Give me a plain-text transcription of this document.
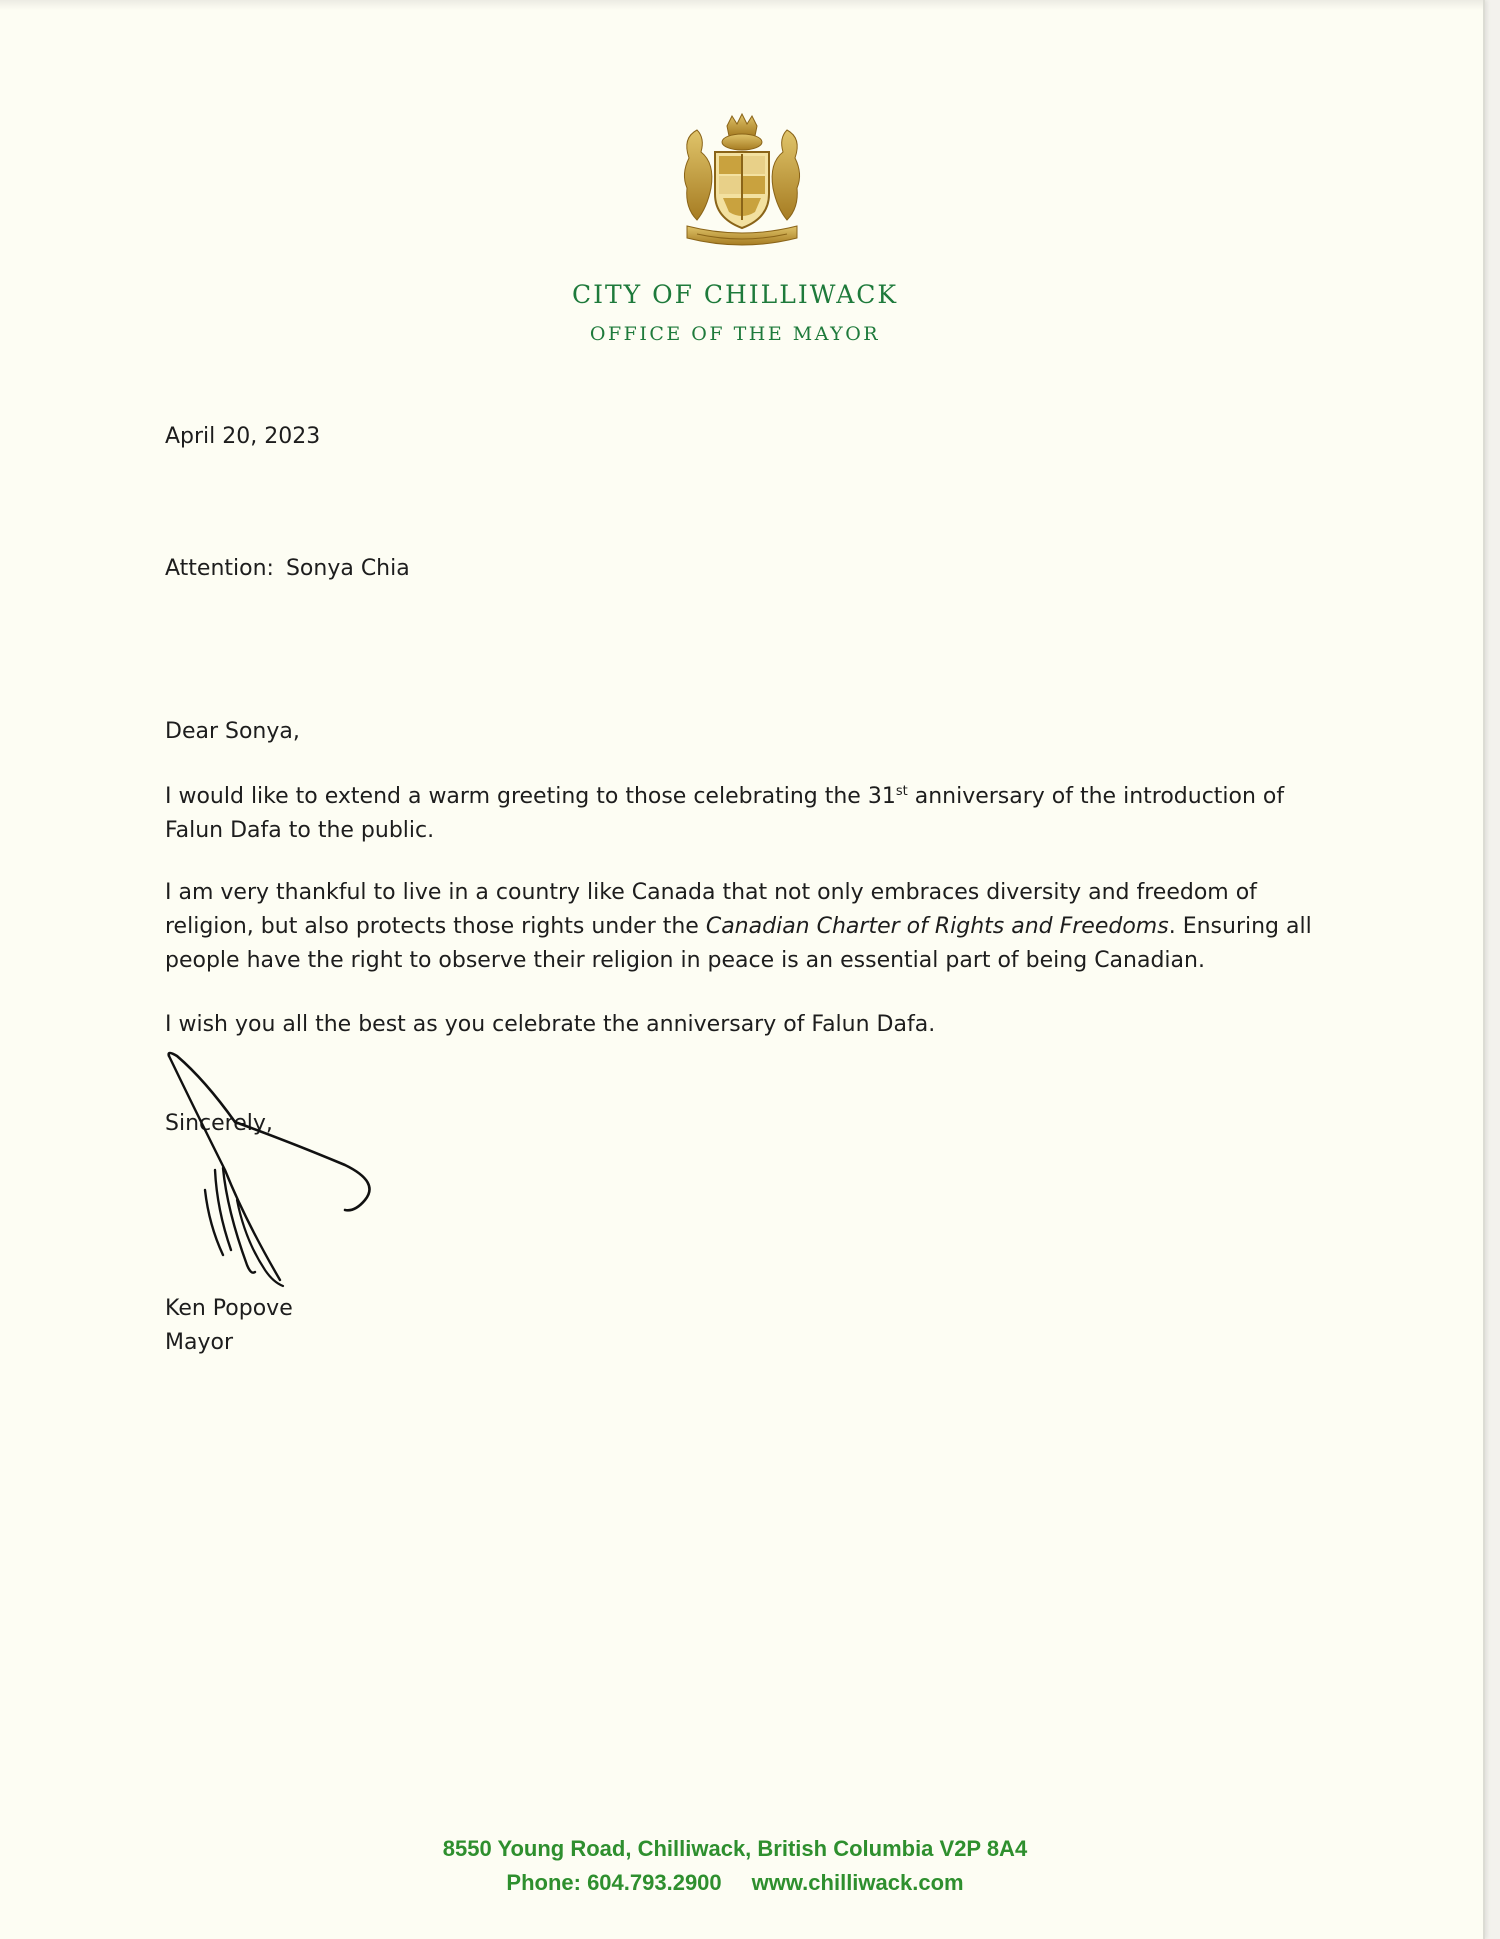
CITY OF CHILLIWACK
OFFICE OF THE MAYOR
April 20, 2023
Attention: Sonya Chia
Dear Sonya,
I would like to extend a warm greeting to those celebrating the 31st anniversary of the introduction of Falun Dafa to the public.
I am very thankful to live in a country like Canada that not only embraces diversity and freedom of religion, but also protects those rights under the Canadian Charter of Rights and Freedoms. Ensuring all people have the right to observe their religion in peace is an essential part of being Canadian.
I wish you all the best as you celebrate the anniversary of Falun Dafa.
Sincerely,
Ken Popove
Mayor
8550 Young Road, Chilliwack, British Columbia V2P 8A4
Phone: 604.793.2900 www.chilliwack.com
